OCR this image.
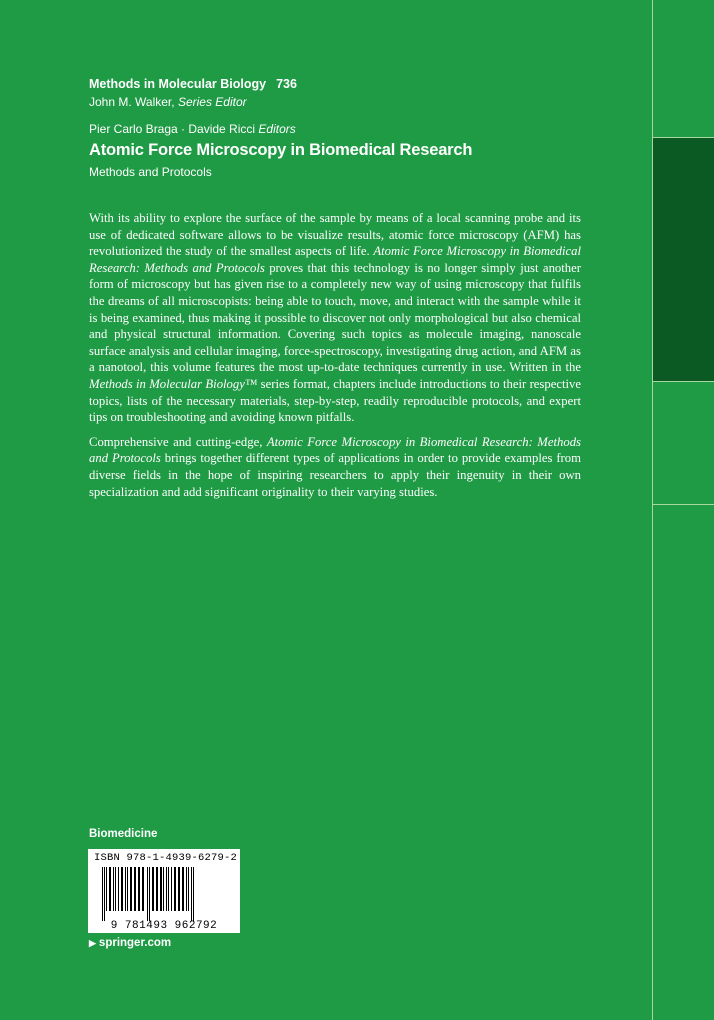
Methods in Molecular Biology 736
John M. Walker, Series Editor
Pier Carlo Braga · Davide Ricci Editors
Atomic Force Microscopy in Biomedical Research
Methods and Protocols

With its ability to explore the surface of the sample by means of a local scanning probe and its use of dedicated software allows to be visualize results, atomic force microscopy (AFM) has revolutionized the study of the smallest aspects of life. Atomic Force Microscopy in Biomedical Research: Methods and Protocols proves that this technology is no longer simply just another form of microscopy but has given rise to a completely new way of using microscopy that fulfils the dreams of all microscopists: being able to touch, move, and interact with the sample while it is being examined, thus making it possible to discover not only morphological but also chemical and physical structural information. Covering such topics as molecule imaging, nanoscale surface analysis and cellular imaging, force-spectroscopy, investigating drug action, and AFM as a nanotool, this volume features the most up-to-date techniques currently in use. Written in the Methods in Molecular Biology™ series format, chapters include introductions to their respective topics, lists of the necessary materials, step-by-step, readily reproducible protocols, and expert tips on troubleshooting and avoiding known pitfalls.

Comprehensive and cutting-edge, Atomic Force Microscopy in Biomedical Research: Methods and Protocols brings together different types of applications in order to provide examples from diverse fields in the hope of inspiring researchers to apply their ingenuity in their own specialization and add significant originality to their varying studies.

Biomedicine
ISBN 978-1-4939-6279-2
9 781493 962792
▶ springer.com
